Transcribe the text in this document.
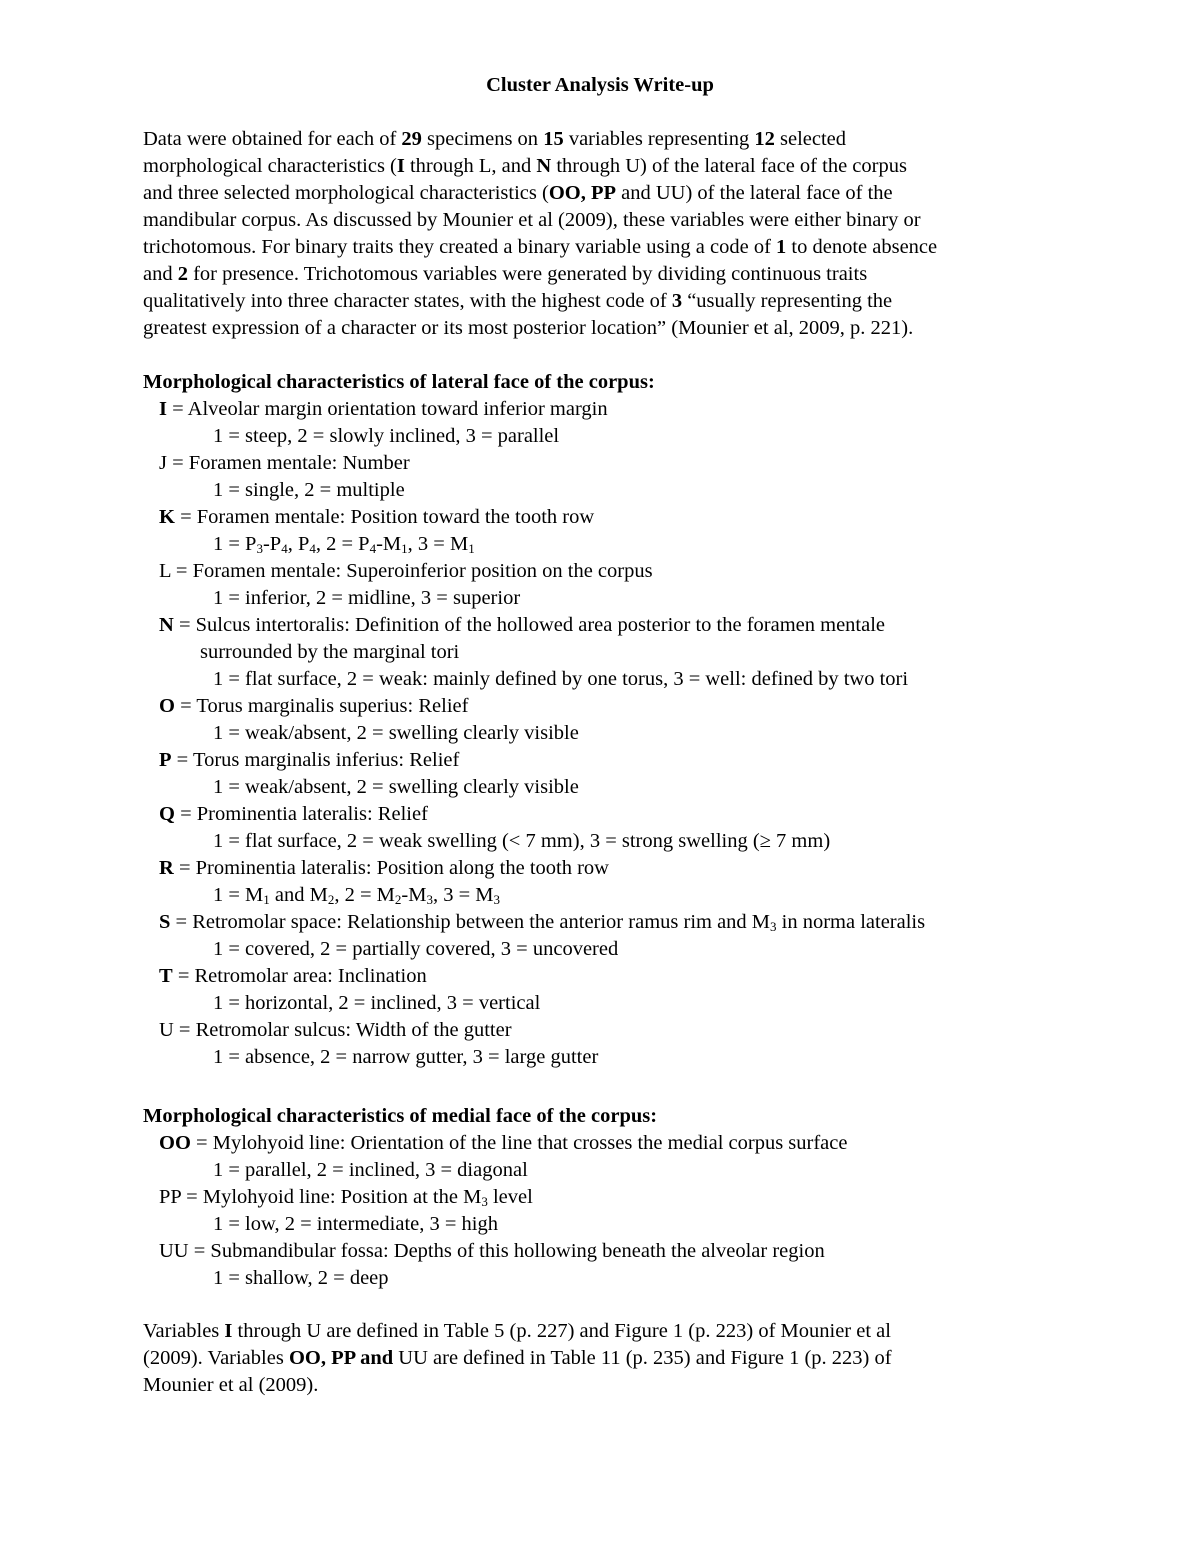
Cluster Analysis Write-up
Data were obtained for each of 29 specimens on 15 variables representing 12 selected
morphological characteristics (I through L, and N through U) of the lateral face of the corpus
and three selected morphological characteristics (OO, PP and UU) of the lateral face of the
mandibular corpus. As discussed by Mounier et al (2009), these variables were either binary or
trichotomous. For binary traits they created a binary variable using a code of 1 to denote absence
and 2 for presence. Trichotomous variables were generated by dividing continuous traits
qualitatively into three character states, with the highest code of 3 “usually representing the
greatest expression of a character or its most posterior location” (Mounier et al, 2009, p. 221).
Morphological characteristics of lateral face of the corpus:
I = Alveolar margin orientation toward inferior margin
1 = steep, 2 = slowly inclined, 3 = parallel
J = Foramen mentale: Number
1 = single, 2 = multiple
K = Foramen mentale: Position toward the tooth row
$1 = P_3-P_4$, $P_4$, $2 = P_4-M_1$, $3 = M_1$
L = Foramen mentale: Superoinferior position on the corpus
1 = inferior, 2 = midline, 3 = superior
N = Sulcus intertoralis: Definition of the hollowed area posterior to the foramen mentale
surrounded by the marginal tori
1 = flat surface, 2 = weak: mainly defined by one torus, 3 = well: defined by two tori
O = Torus marginalis superius: Relief
1 = weak/absent, 2 = swelling clearly visible
P = Torus marginalis inferius: Relief
1 = weak/absent, 2 = swelling clearly visible
Q = Prominentia lateralis: Relief
1 = flat surface, 2 = weak swelling (< 7 mm), 3 = strong swelling (≥ 7 mm)
R = Prominentia lateralis: Position along the tooth row
$1 = M_1$ and $M_2$, $2 = M_2-M_3$, $3 = M_3$
S = Retromolar space: Relationship between the anterior ramus rim and $M_3$ in norma lateralis
1 = covered, 2 = partially covered, 3 = uncovered
T = Retromolar area: Inclination
1 = horizontal, 2 = inclined, 3 = vertical
U = Retromolar sulcus: Width of the gutter
1 = absence, 2 = narrow gutter, 3 = large gutter
Morphological characteristics of medial face of the corpus:
OO = Mylohyoid line: Orientation of the line that crosses the medial corpus surface
1 = parallel, 2 = inclined, 3 = diagonal
PP = Mylohyoid line: Position at the $M_3$ level
1 = low, 2 = intermediate, 3 = high
UU = Submandibular fossa: Depths of this hollowing beneath the alveolar region
1 = shallow, 2 = deep
Variables I through U are defined in Table 5 (p. 227) and Figure 1 (p. 223) of Mounier et al
(2009). Variables OO, PP and UU are defined in Table 11 (p. 235) and Figure 1 (p. 223) of
Mounier et al (2009).
